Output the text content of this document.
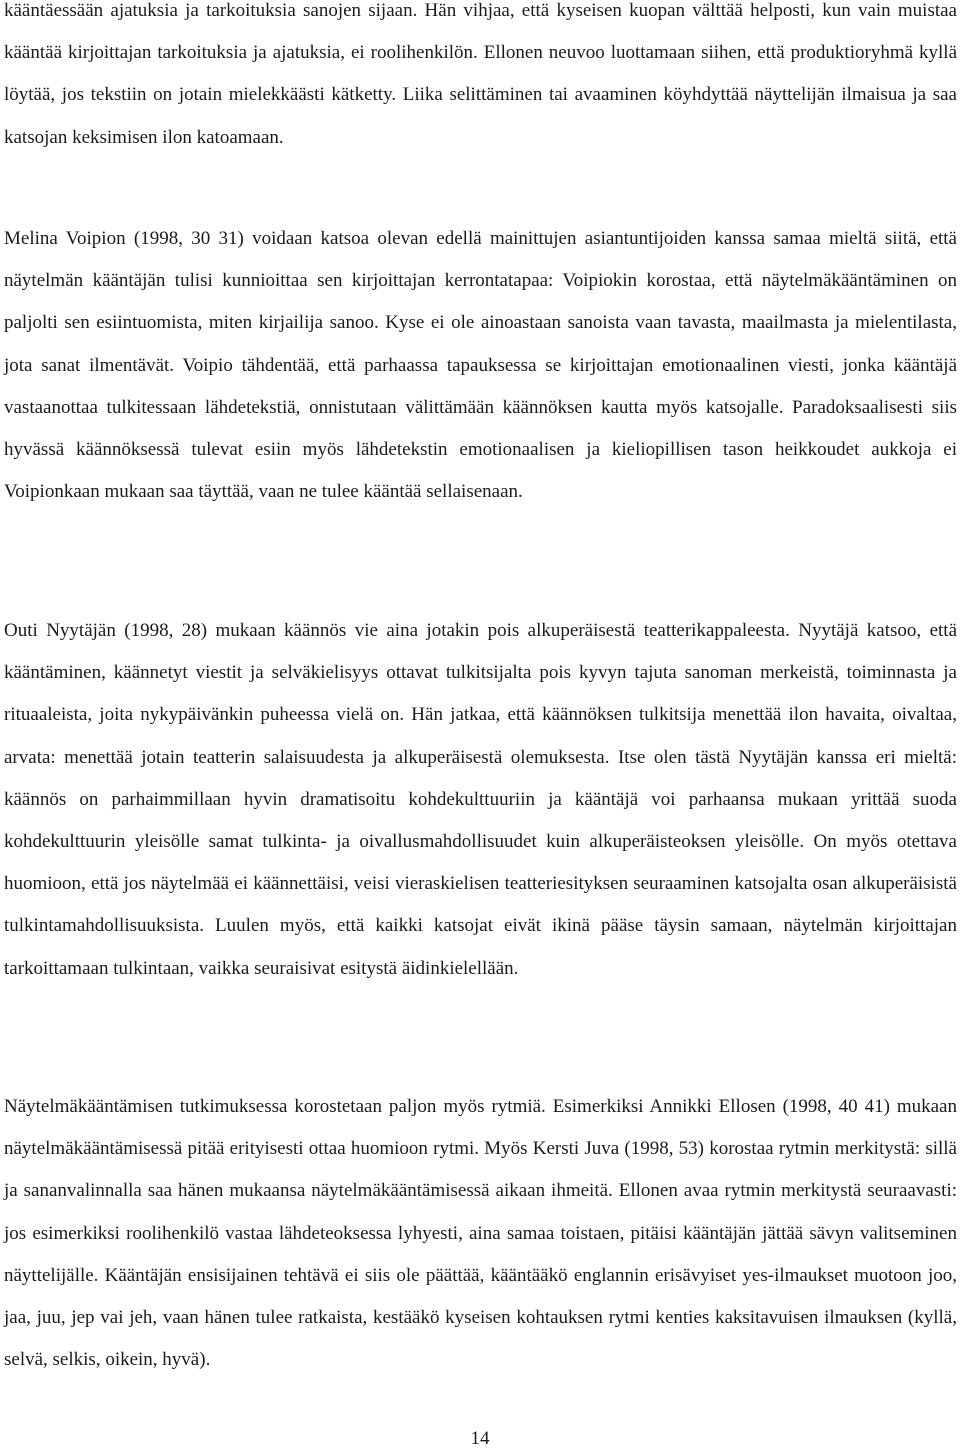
kääntäessään ajatuksia ja tarkoituksia sanojen sijaan. Hän vihjaa, että kyseisen kuopan välttää helposti, kun vain muistaa kääntää kirjoittajan tarkoituksia ja ajatuksia, ei roolihenkilön. Ellonen neuvoo luottamaan siihen, että produktioryhmä kyllä löytää, jos tekstiin on jotain mielekkäästi kätketty. Liika selittäminen tai avaaminen köyhdyttää näyttelijän ilmaisua ja saa katsojan keksimisen ilon katoamaan.

Melina Voipion (1998, 30 31) voidaan katsoa olevan edellä mainittujen asiantuntijoiden kanssa samaa mieltä siitä, että näytelmän kääntäjän tulisi kunnioittaa sen kirjoittajan kerrontatapaa: Voipiokin korostaa, että näytelmäkääntäminen on paljolti sen esiintuomista, miten kirjailija sanoo. Kyse ei ole ainoastaan sanoista vaan tavasta, maailmasta ja mielentilasta, jota sanat ilmentävät. Voipio tähdentää, että parhaassa tapauksessa se kirjoittajan emotionaalinen viesti, jonka kääntäjä vastaanottaa tulkitessaan lähdetekstiä, onnistutaan välittämään käännöksen kautta myös katsojalle. Paradoksaalisesti siis hyvässä käännöksessä tulevat esiin myös lähdetekstin emotionaalisen ja kieliopillisen tason heikkoudet aukkoja ei Voipionkaan mukaan saa täyttää, vaan ne tulee kääntää sellaisenaan.

Outi Nyytäjän (1998, 28) mukaan käännös vie aina jotakin pois alkuperäisestä teatterikappaleesta. Nyytäjä katsoo, että kääntäminen, käännetyt viestit ja selväkielisyys ottavat tulkitsijalta pois kyvyn tajuta sanoman merkeistä, toiminnasta ja rituaaleista, joita nykypäivänkin puheessa vielä on. Hän jatkaa, että käännöksen tulkitsija menettää ilon havaita, oivaltaa, arvata: menettää jotain teatterin salaisuudesta ja alkuperäisestä olemuksesta. Itse olen tästä Nyytäjän kanssa eri mieltä: käännös on parhaimmillaan hyvin dramatisoitu kohdekulttuuriin ja kääntäjä voi parhaansa mukaan yrittää suoda kohdekulttuurin yleisölle samat tulkinta- ja oivallusmahdollisuudet kuin alkuperäisteoksen yleisölle. On myös otettava huomioon, että jos näytelmää ei käännettäisi, veisi vieraskielisen teatteriesityksen seuraaminen katsojalta osan alkuperäisistä tulkintamahdollisuuksista. Luulen myös, että kaikki katsojat eivät ikinä pääse täysin samaan, näytelmän kirjoittajan tarkoittamaan tulkintaan, vaikka seuraisivat esitystä äidinkielellään.

Näytelmäkääntämisen tutkimuksessa korostetaan paljon myös rytmiä. Esimerkiksi Annikki Ellosen (1998, 40 41) mukaan näytelmäkääntämisessä pitää erityisesti ottaa huomioon rytmi. Myös Kersti Juva (1998, 53) korostaa rytmin merkitystä: sillä ja sananvalinnalla saa hänen mukaansa näytelmäkääntämisessä aikaan ihmeitä. Ellonen avaa rytmin merkitystä seuraavasti: jos esimerkiksi roolihenkilö vastaa lähdeteoksessa lyhyesti, aina samaa toistaen, pitäisi kääntäjän jättää sävyn valitseminen näyttelijälle. Kääntäjän ensisijainen tehtävä ei siis ole päättää, kääntääkö englannin erisävyiset yes-ilmaukset muotoon joo, jaa, juu, jep vai jeh, vaan hänen tulee ratkaista, kestääkö kyseisen kohtauksen rytmi kenties kaksitavuisen ilmauksen (kyllä, selvä, selkis, oikein, hyvä).

14
